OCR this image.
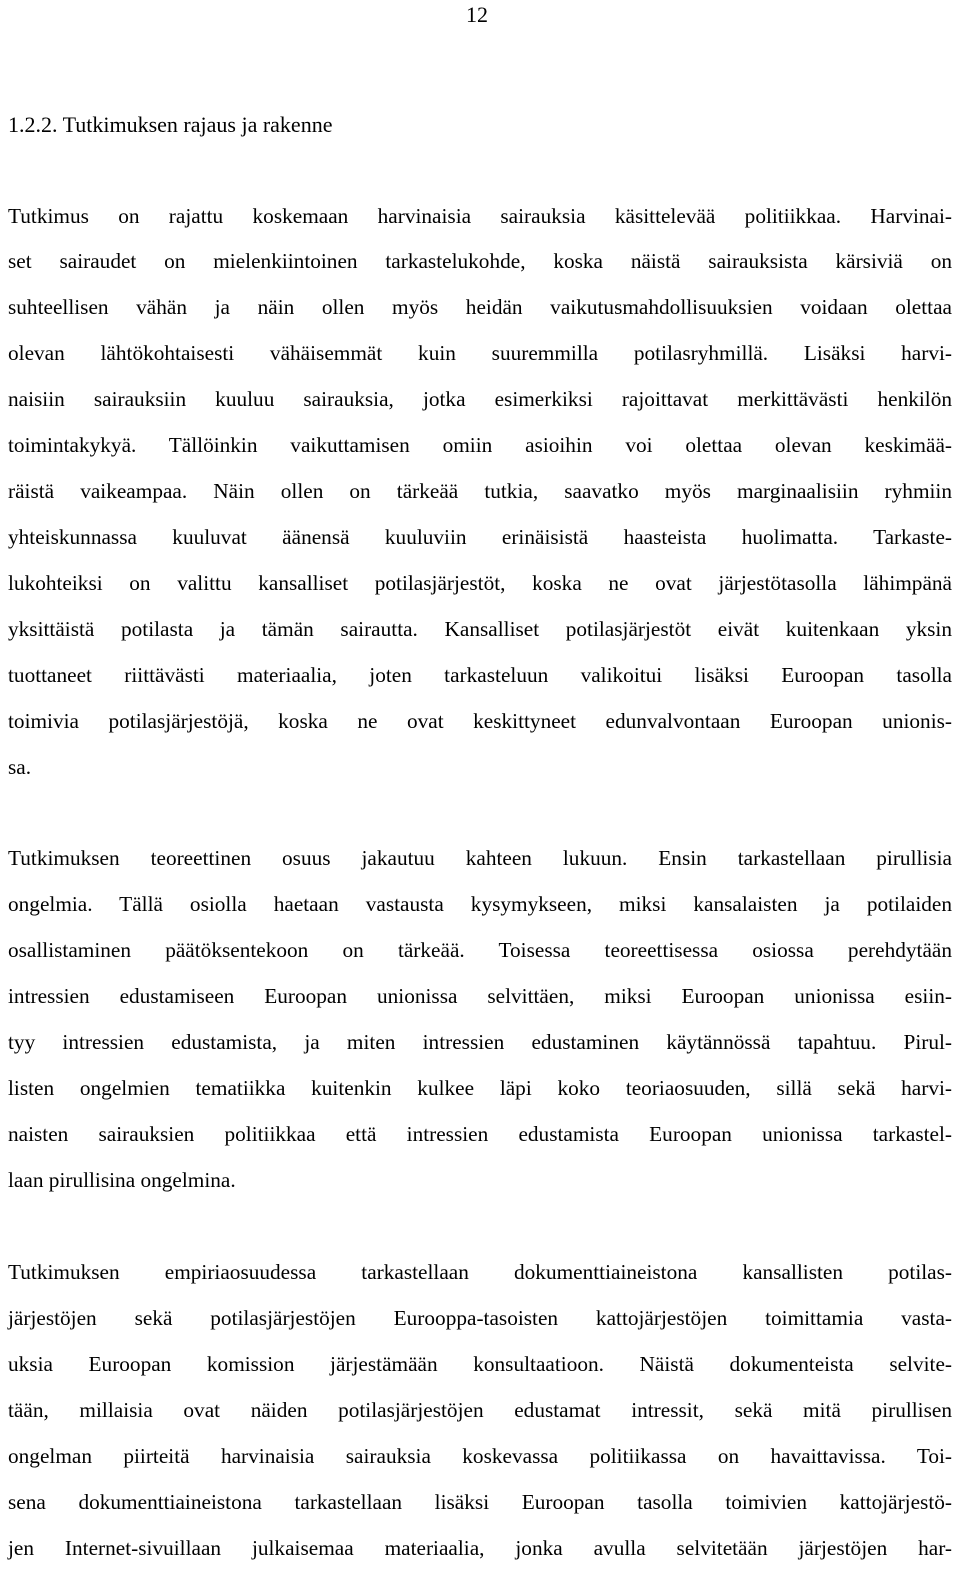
12
1.2.2. Tutkimuksen rajaus ja rakenne
Tutkimus on rajattu koskemaan harvinaisia sairauksia käsittelevää politiikkaa. Harvinai-
set sairaudet on mielenkiintoinen tarkastelukohde, koska näistä sairauksista kärsiviä on
suhteellisen vähän ja näin ollen myös heidän vaikutusmahdollisuuksien voidaan olettaa
olevan lähtökohtaisesti vähäisemmät kuin suuremmilla potilasryhmillä. Lisäksi harvi-
naisiin sairauksiin kuuluu sairauksia, jotka esimerkiksi rajoittavat merkittävästi henkilön
toimintakykyä. Tällöinkin vaikuttamisen omiin asioihin voi olettaa olevan keskimää-
räistä vaikeampaa. Näin ollen on tärkeää tutkia, saavatko myös marginaalisiin ryhmiin
yhteiskunnassa kuuluvat äänensä kuuluviin erinäisistä haasteista huolimatta. Tarkaste-
lukohteiksi on valittu kansalliset potilasjärjestöt, koska ne ovat järjestötasolla lähimpänä
yksittäistä potilasta ja tämän sairautta. Kansalliset potilasjärjestöt eivät kuitenkaan yksin
tuottaneet riittävästi materiaalia, joten tarkasteluun valikoitui lisäksi Euroopan tasolla
toimivia potilasjärjestöjä, koska ne ovat keskittyneet edunvalvontaan Euroopan unionis-
sa.
Tutkimuksen teoreettinen osuus jakautuu kahteen lukuun. Ensin tarkastellaan pirullisia
ongelmia. Tällä osiolla haetaan vastausta kysymykseen, miksi kansalaisten ja potilaiden
osallistaminen päätöksentekoon on tärkeää. Toisessa teoreettisessa osiossa perehdytään
intressien edustamiseen Euroopan unionissa selvittäen, miksi Euroopan unionissa esiin-
tyy intressien edustamista, ja miten intressien edustaminen käytännössä tapahtuu. Pirul-
listen ongelmien tematiikka kuitenkin kulkee läpi koko teoriaosuuden, sillä sekä harvi-
naisten sairauksien politiikkaa että intressien edustamista Euroopan unionissa tarkastel-
laan pirullisina ongelmina.
Tutkimuksen empiriaosuudessa tarkastellaan dokumenttiaineistona kansallisten potilas-
järjestöjen sekä potilasjärjestöjen Eurooppa-tasoisten kattojärjestöjen toimittamia vasta-
uksia Euroopan komission järjestämään konsultaatioon. Näistä dokumenteista selvite-
tään, millaisia ovat näiden potilasjärjestöjen edustamat intressit, sekä mitä pirullisen
ongelman piirteitä harvinaisia sairauksia koskevassa politiikassa on havaittavissa. Toi-
sena dokumenttiaineistona tarkastellaan lisäksi Euroopan tasolla toimivien kattojärjestö-
jen Internet-sivuillaan julkaisemaa materiaalia, jonka avulla selvitetään järjestöjen har-
